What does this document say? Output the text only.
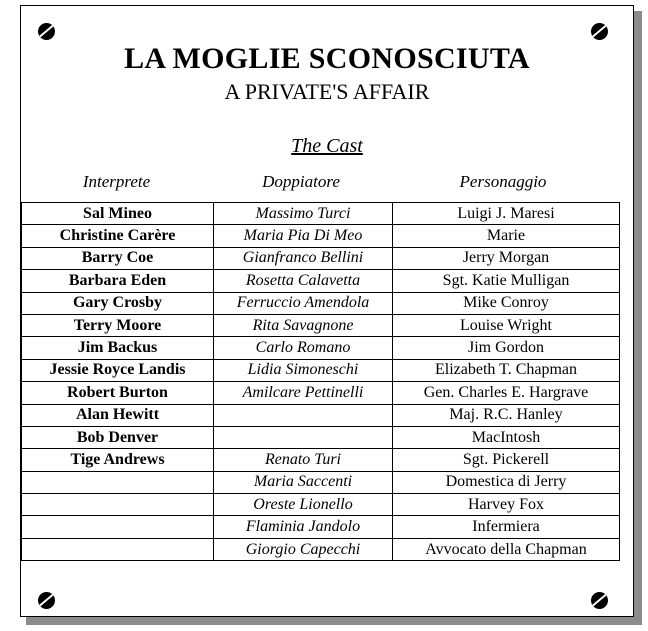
LA MOGLIE SCONOSCIUTA
A PRIVATE'S AFFAIR
The Cast
Interprete	Doppiatore	Personaggio
Sal Mineo	Massimo Turci	Luigi J. Maresi
Christine Carère	Maria Pia Di Meo	Marie
Barry Coe	Gianfranco Bellini	Jerry Morgan
Barbara Eden	Rosetta Calavetta	Sgt. Katie Mulligan
Gary Crosby	Ferruccio Amendola	Mike Conroy
Terry Moore	Rita Savagnone	Louise Wright
Jim Backus	Carlo Romano	Jim Gordon
Jessie Royce Landis	Lidia Simoneschi	Elizabeth T. Chapman
Robert Burton	Amilcare Pettinelli	Gen. Charles E. Hargrave
Alan Hewitt		Maj. R.C. Hanley
Bob Denver		MacIntosh
Tige Andrews	Renato Turi	Sgt. Pickerell
	Maria Saccenti	Domestica di Jerry
	Oreste Lionello	Harvey Fox
	Flaminia Jandolo	Infermiera
	Giorgio Capecchi	Avvocato della Chapman
